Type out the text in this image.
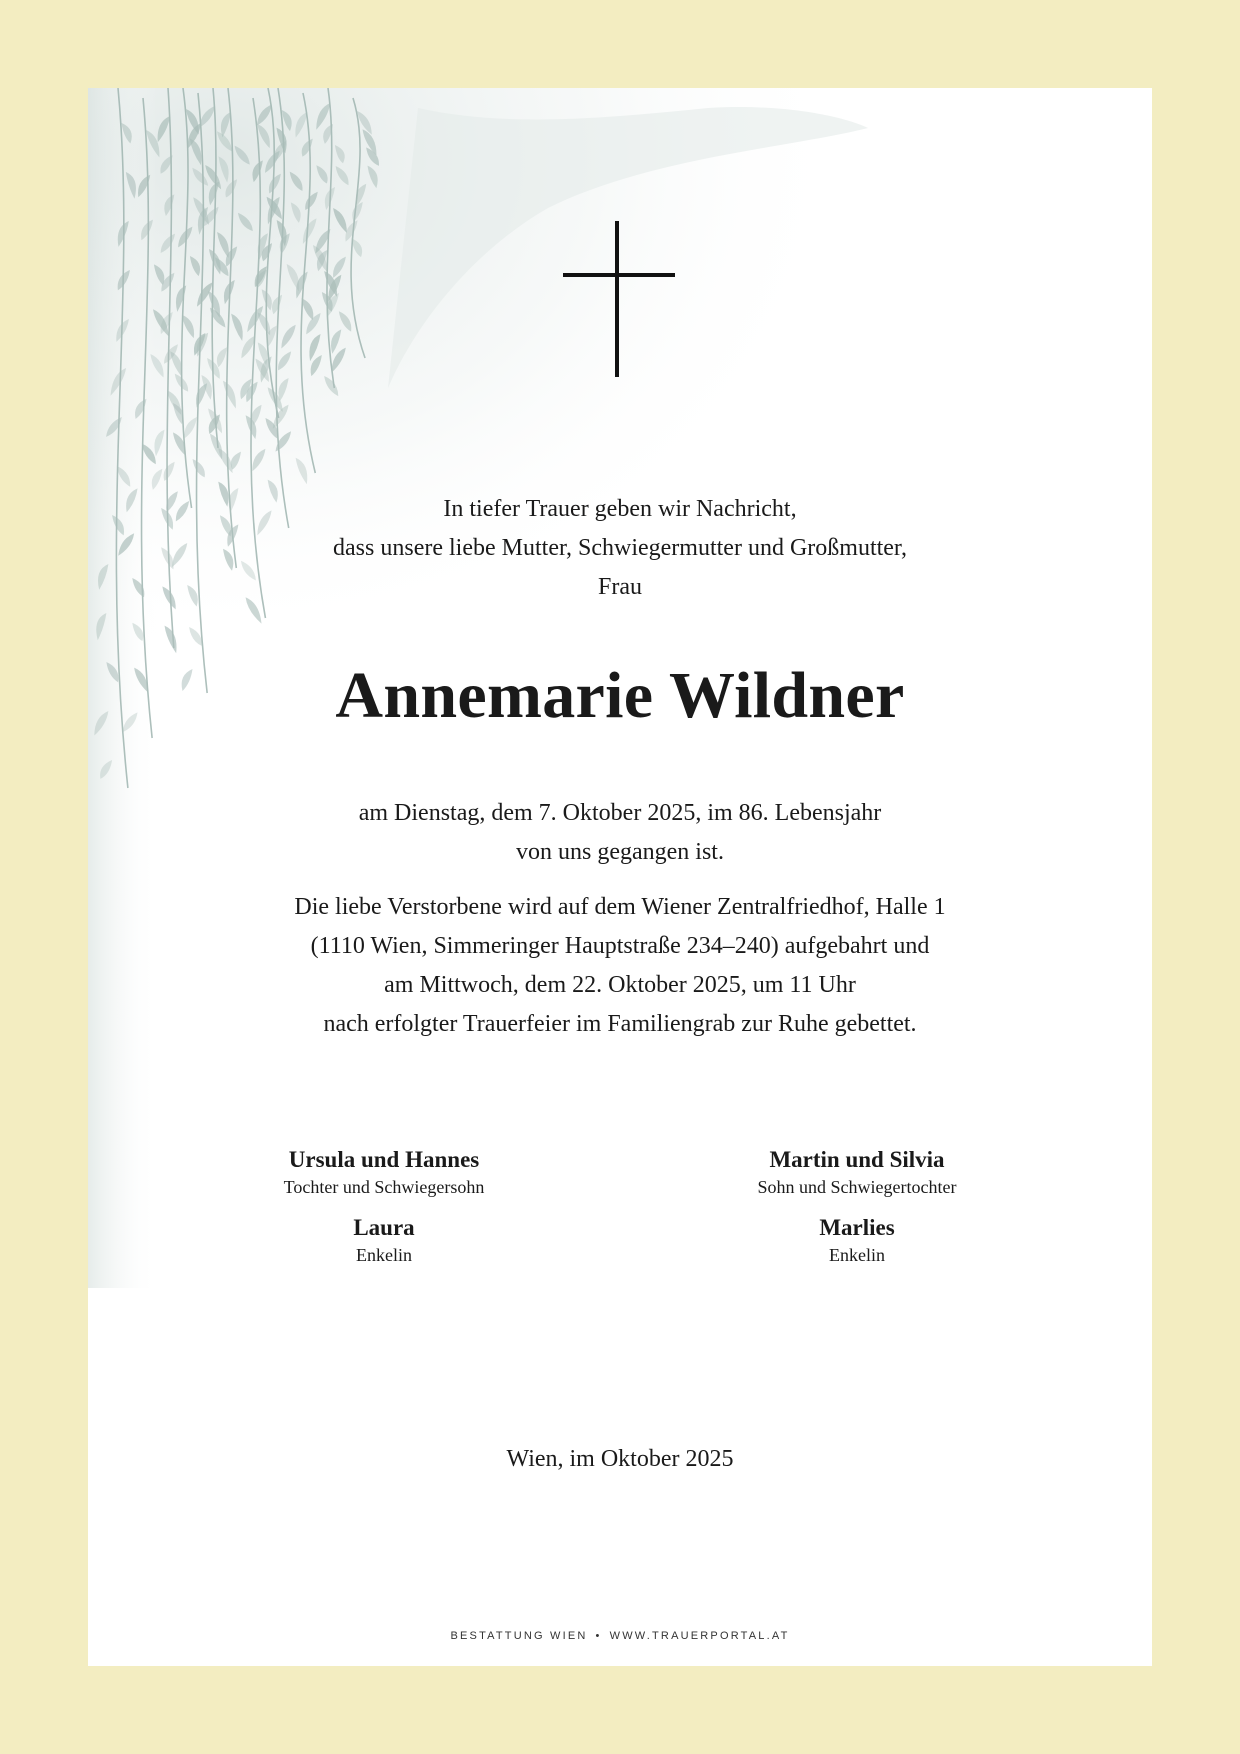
In tiefer Trauer geben wir Nachricht,
dass unsere liebe Mutter, Schwiegermutter und Großmutter,
Frau
Annemarie Wildner
am Dienstag, dem 7. Oktober 2025, im 86. Lebensjahr
von uns gegangen ist.
Die liebe Verstorbene wird auf dem Wiener Zentralfriedhof, Halle 1
(1110 Wien, Simmeringer Hauptstraße 234–240) aufgebahrt und
am Mittwoch, dem 22. Oktober 2025, um 11 Uhr
nach erfolgter Trauerfeier im Familiengrab zur Ruhe gebettet.
Ursula und Hannes
Tochter und Schwiegersohn
Martin und Silvia
Sohn und Schwiegertochter
Laura
Enkelin
Marlies
Enkelin
Wien, im Oktober 2025
BESTATTUNG WIEN • WWW.TRAUERPORTAL.AT
